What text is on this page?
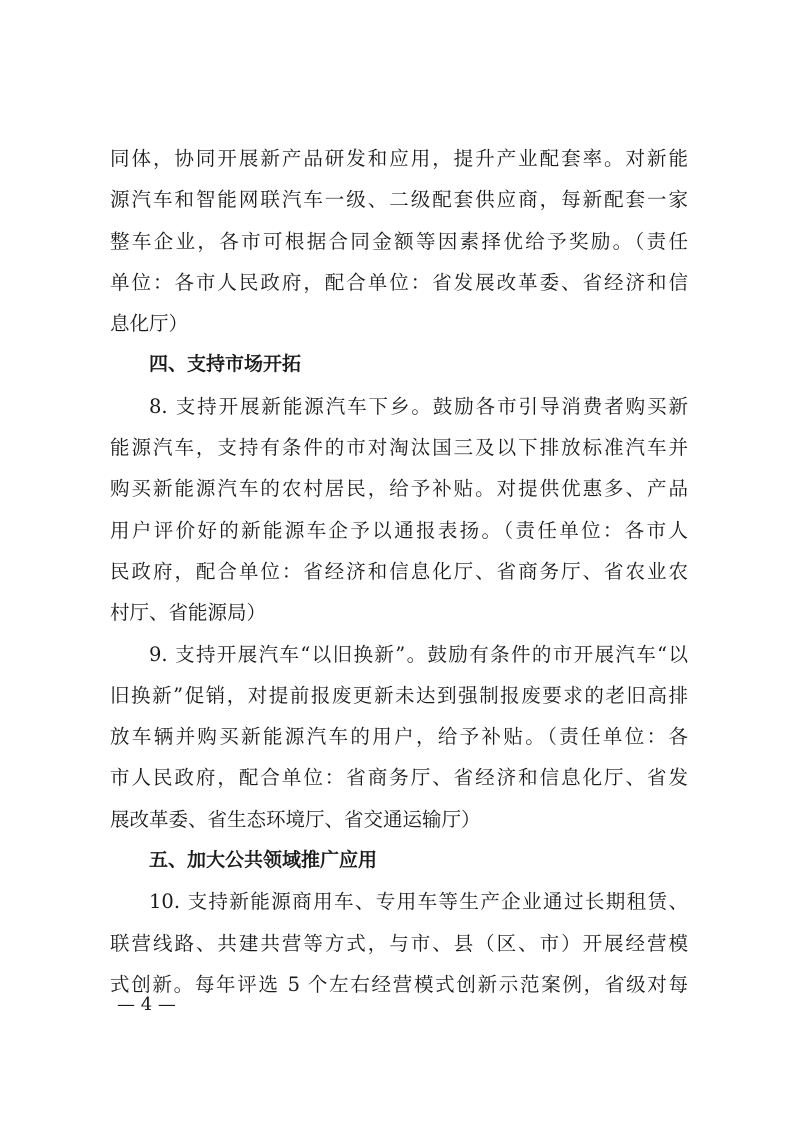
同体，协同开展新产品研发和应用，提升产业配套率。对新能
源汽车和智能网联汽车一级、二级配套供应商，每新配套一家
整车企业，各市可根据合同金额等因素择优给予奖励。（责任
单位：各市人民政府，配合单位：省发展改革委、省经济和信
息化厅）
四、支持市场开拓
8. 支持开展新能源汽车下乡。鼓励各市引导消费者购买新
能源汽车，支持有条件的市对淘汰国三及以下排放标准汽车并
购买新能源汽车的农村居民，给予补贴。对提供优惠多、产品
用户评价好的新能源车企予以通报表扬。（责任单位：各市人
民政府，配合单位：省经济和信息化厅、省商务厅、省农业农
村厅、省能源局）
9. 支持开展汽车“以旧换新”。鼓励有条件的市开展汽车“以
旧换新”促销，对提前报废更新未达到强制报废要求的老旧高排
放车辆并购买新能源汽车的用户，给予补贴。（责任单位：各
市人民政府，配合单位：省商务厅、省经济和信息化厅、省发
展改革委、省生态环境厅、省交通运输厅）
五、加大公共领域推广应用
10. 支持新能源商用车、专用车等生产企业通过长期租赁、
联营线路、共建共营等方式，与市、县（区、市）开展经营模
式创新。每年评选 5 个左右经营模式创新示范案例，省级对每
— 4 —
